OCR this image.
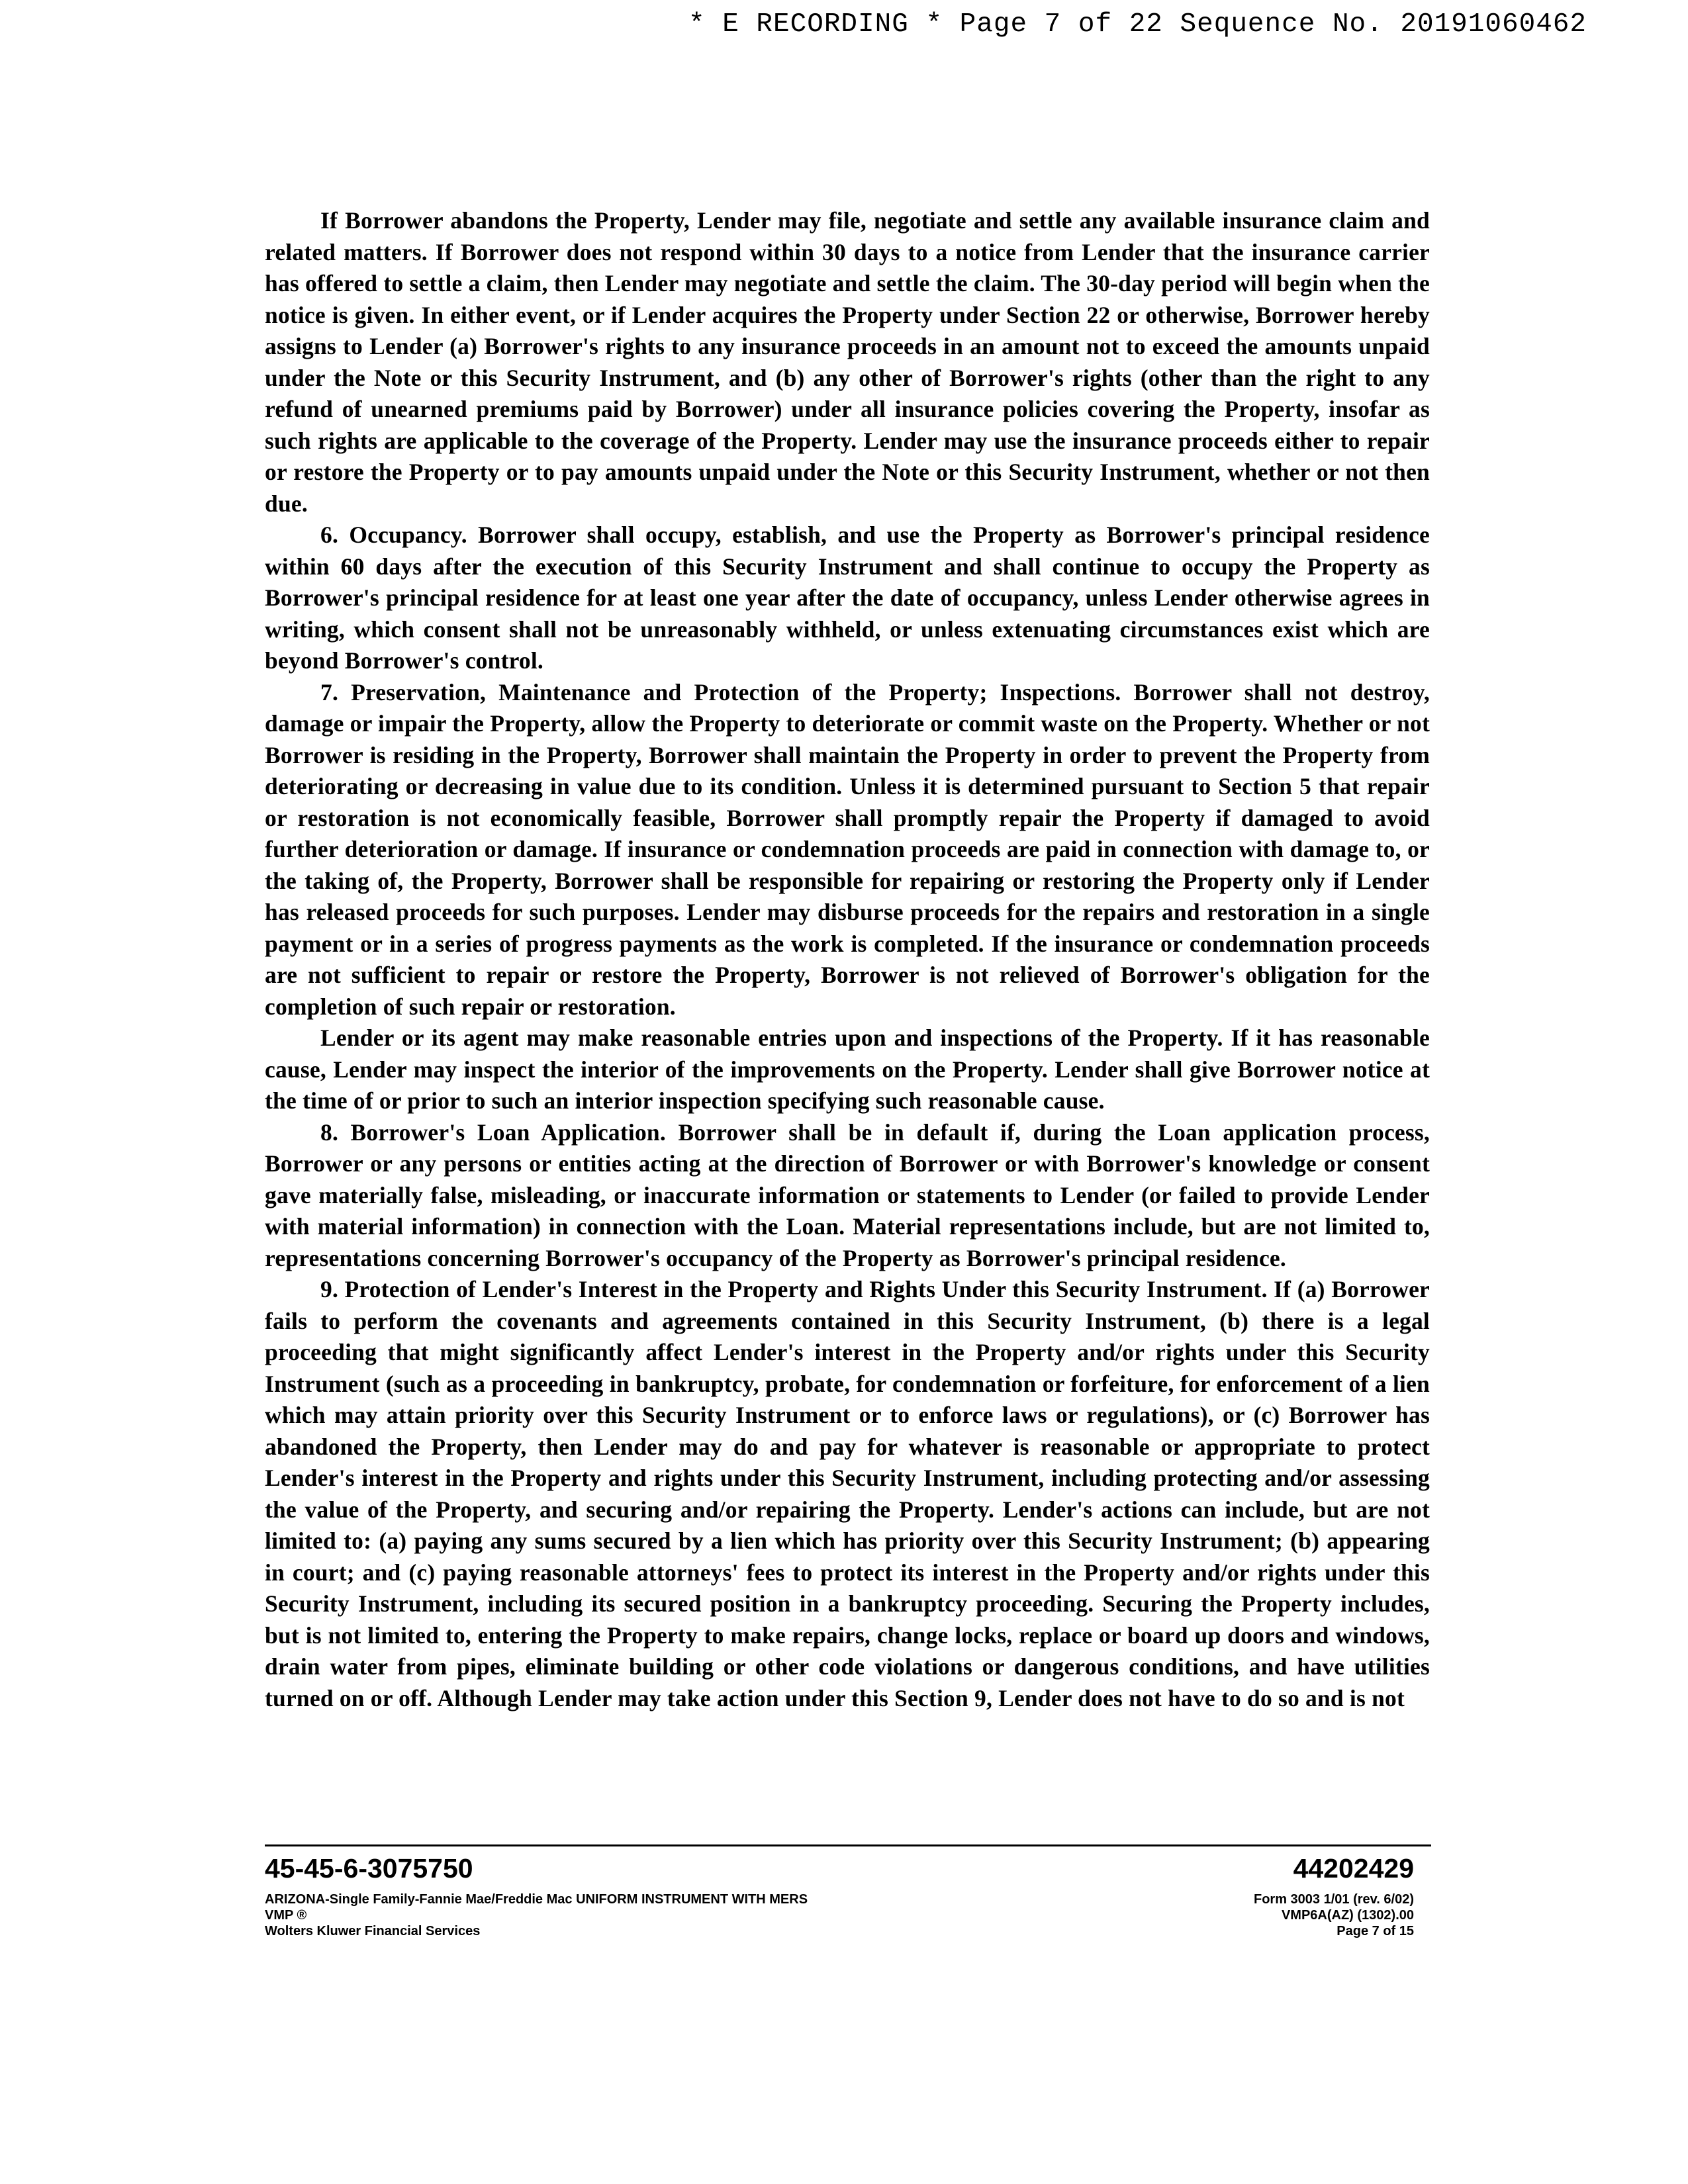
* E RECORDING * Page 7 of 22 Sequence No. 20191060462

If Borrower abandons the Property, Lender may file, negotiate and settle any available insurance claim and related matters. If Borrower does not respond within 30 days to a notice from Lender that the insurance carrier has offered to settle a claim, then Lender may negotiate and settle the claim. The 30-day period will begin when the notice is given. In either event, or if Lender acquires the Property under Section 22 or otherwise, Borrower hereby assigns to Lender (a) Borrower's rights to any insurance proceeds in an amount not to exceed the amounts unpaid under the Note or this Security Instrument, and (b) any other of Borrower's rights (other than the right to any refund of unearned premiums paid by Borrower) under all insurance policies covering the Property, insofar as such rights are applicable to the coverage of the Property. Lender may use the insurance proceeds either to repair or restore the Property or to pay amounts unpaid under the Note or this Security Instrument, whether or not then due.

6. Occupancy. Borrower shall occupy, establish, and use the Property as Borrower's principal residence within 60 days after the execution of this Security Instrument and shall continue to occupy the Property as Borrower's principal residence for at least one year after the date of occupancy, unless Lender otherwise agrees in writing, which consent shall not be unreasonably withheld, or unless extenuating circumstances exist which are beyond Borrower's control.

7. Preservation, Maintenance and Protection of the Property; Inspections. Borrower shall not destroy, damage or impair the Property, allow the Property to deteriorate or commit waste on the Property. Whether or not Borrower is residing in the Property, Borrower shall maintain the Property in order to prevent the Property from deteriorating or decreasing in value due to its condition. Unless it is determined pursuant to Section 5 that repair or restoration is not economically feasible, Borrower shall promptly repair the Property if damaged to avoid further deterioration or damage. If insurance or condemnation proceeds are paid in connection with damage to, or the taking of, the Property, Borrower shall be responsible for repairing or restoring the Property only if Lender has released proceeds for such purposes. Lender may disburse proceeds for the repairs and restoration in a single payment or in a series of progress payments as the work is completed. If the insurance or condemnation proceeds are not sufficient to repair or restore the Property, Borrower is not relieved of Borrower's obligation for the completion of such repair or restoration.

Lender or its agent may make reasonable entries upon and inspections of the Property. If it has reasonable cause, Lender may inspect the interior of the improvements on the Property. Lender shall give Borrower notice at the time of or prior to such an interior inspection specifying such reasonable cause.

8. Borrower's Loan Application. Borrower shall be in default if, during the Loan application process, Borrower or any persons or entities acting at the direction of Borrower or with Borrower's knowledge or consent gave materially false, misleading, or inaccurate information or statements to Lender (or failed to provide Lender with material information) in connection with the Loan. Material representations include, but are not limited to, representations concerning Borrower's occupancy of the Property as Borrower's principal residence.

9. Protection of Lender's Interest in the Property and Rights Under this Security Instrument. If (a) Borrower fails to perform the covenants and agreements contained in this Security Instrument, (b) there is a legal proceeding that might significantly affect Lender's interest in the Property and/or rights under this Security Instrument (such as a proceeding in bankruptcy, probate, for condemnation or forfeiture, for enforcement of a lien which may attain priority over this Security Instrument or to enforce laws or regulations), or (c) Borrower has abandoned the Property, then Lender may do and pay for whatever is reasonable or appropriate to protect Lender's interest in the Property and rights under this Security Instrument, including protecting and/or assessing the value of the Property, and securing and/or repairing the Property. Lender's actions can include, but are not limited to: (a) paying any sums secured by a lien which has priority over this Security Instrument; (b) appearing in court; and (c) paying reasonable attorneys' fees to protect its interest in the Property and/or rights under this Security Instrument, including its secured position in a bankruptcy proceeding. Securing the Property includes, but is not limited to, entering the Property to make repairs, change locks, replace or board up doors and windows, drain water from pipes, eliminate building or other code violations or dangerous conditions, and have utilities turned on or off. Although Lender may take action under this Section 9, Lender does not have to do so and is not

45-45-6-3075750	44202429
ARIZONA-Single Family-Fannie Mae/Freddie Mac UNIFORM INSTRUMENT WITH MERS
VMP ®
Wolters Kluwer Financial Services
Form 3003 1/01 (rev. 6/02)
VMP6A(AZ) (1302).00
Page 7 of 15
